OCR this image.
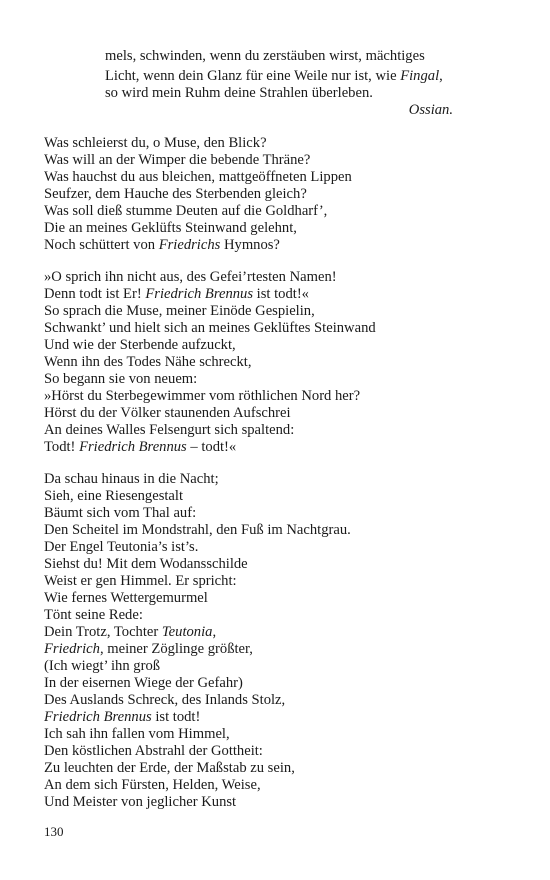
mels, schwinden, wenn du zerstäuben wirst, mächtiges
Licht, wenn dein Glanz für eine Weile nur ist, wie Fingal,
so wird mein Ruhm deine Strahlen überleben.
Ossian.
Was schleierst du, o Muse, den Blick?
Was will an der Wimper die bebende Thräne?
Was hauchst du aus bleichen, mattgeöffneten Lippen
Seufzer, dem Hauche des Sterbenden gleich?
Was soll dieß stumme Deuten auf die Goldharf’,
Die an meines Geklüfts Steinwand gelehnt,
Noch schüttert von Friedrichs Hymnos?
»O sprich ihn nicht aus, des Gefei’rtesten Namen!
Denn todt ist Er! Friedrich Brennus ist todt!«
So sprach die Muse, meiner Einöde Gespielin,
Schwankt’ und hielt sich an meines Geklüftes Steinwand
Und wie der Sterbende aufzuckt,
Wenn ihn des Todes Nähe schreckt,
So begann sie von neuem:
»Hörst du Sterbegewimmer vom röthlichen Nord her?
Hörst du der Völker staunenden Aufschrei
An deines Walles Felsengurt sich spaltend:
Todt! Friedrich Brennus – todt!«
Da schau hinaus in die Nacht;
Sieh, eine Riesengestalt
Bäumt sich vom Thal auf:
Den Scheitel im Mondstrahl, den Fuß im Nachtgrau.
Der Engel Teutonia’s ist’s.
Siehst du! Mit dem Wodansschilde
Weist er gen Himmel. Er spricht:
Wie fernes Wettergemurmel
Tönt seine Rede:
Dein Trotz, Tochter Teutonia,
Friedrich, meiner Zöglinge größter,
(Ich wiegt’ ihn groß
In der eisernen Wiege der Gefahr)
Des Auslands Schreck, des Inlands Stolz,
Friedrich Brennus ist todt!
Ich sah ihn fallen vom Himmel,
Den köstlichen Abstrahl der Gottheit:
Zu leuchten der Erde, der Maßstab zu sein,
An dem sich Fürsten, Helden, Weise,
Und Meister von jeglicher Kunst
130
